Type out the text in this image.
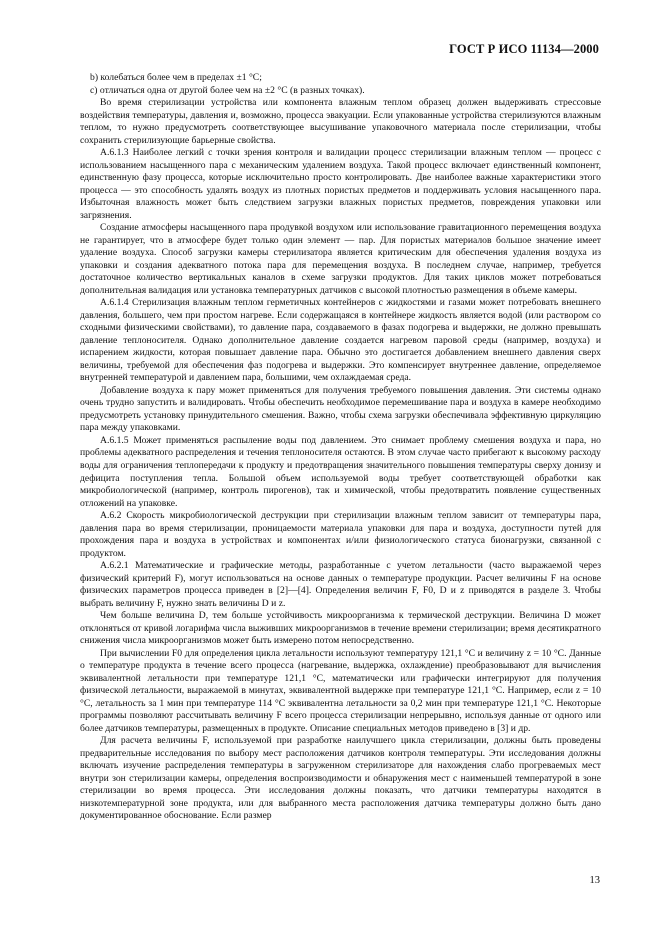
ГОСТ Р ИСО 11134—2000

b) колебаться более чем в пределах ±1 °С;

c) отличаться одна от другой более чем на ±2 °С (в разных точках).

Во время стерилизации устройства или компонента влажным теплом образец должен выдерживать стрессовые воздействия температуры, давления и, возможно, процесса эвакуации. Если упакованные устройства стерилизуются влажным теплом, то нужно предусмотреть соответствующее высушивание упаковочного материала после стерилизации, чтобы сохранить стерилизующие барьерные свойства.

А.6.1.3 Наиболее легкий с точки зрения контроля и валидации процесс стерилизации влажным теплом — процесс с использованием насыщенного пара с механическим удалением воздуха. Такой процесс включает единственный компонент, единственную фазу процесса, которые исключительно просто контролировать. Две наиболее важные характеристики этого процесса — это способность удалять воздух из плотных пористых предметов и поддерживать условия насыщенного пара. Избыточная влажность может быть следствием загрузки влажных пористых предметов, повреждения упаковки или загрязнения.

Создание атмосферы насыщенного пара продувкой воздухом или использование гравитационного перемещения воздуха не гарантирует, что в атмосфере будет только один элемент — пар. Для пористых материалов большое значение имеет удаление воздуха. Способ загрузки камеры стерилизатора является критическим для обеспечения удаления воздуха из упаковки и создания адекватного потока пара для перемещения воздуха. В последнем случае, например, требуется достаточное количество вертикальных каналов в схеме загрузки продуктов. Для таких циклов может потребоваться дополнительная валидация или установка температурных датчиков с высокой плотностью размещения в объеме камеры.

А.6.1.4 Стерилизация влажным теплом герметичных контейнеров с жидкостями и газами может потребовать внешнего давления, большего, чем при простом нагреве. Если содержащаяся в контейнере жидкость является водой (или раствором со сходными физическими свойствами), то давление пара, создаваемого в фазах подогрева и выдержки, не должно превышать давление теплоносителя. Однако дополнительное давление создается нагревом паровой среды (например, воздуха) и испарением жидкости, которая повышает давление пара. Обычно это достигается добавлением внешнего давления сверх величины, требуемой для обеспечения фаз подогрева и выдержки. Это компенсирует внутреннее давление, определяемое внутренней температурой и давлением пара, большими, чем охлаждаемая среда.

Добавление воздуха к пару может применяться для получения требуемого повышения давления. Эти системы однако очень трудно запустить и валидировать. Чтобы обеспечить необходимое перемешивание пара и воздуха в камере необходимо предусмотреть установку принудительного смешения. Важно, чтобы схема загрузки обеспечивала эффективную циркуляцию пара между упаковками.

А.6.1.5 Может применяться распыление воды под давлением. Это снимает проблему смешения воздуха и пара, но проблемы адекватного распределения и течения теплоносителя остаются. В этом случае часто прибегают к высокому расходу воды для ограничения теплопередачи к продукту и предотвращения значительного повышения температуры сверху донизу и дефицита поступления тепла. Большой объем используемой воды требует соответствующей обработки как микробиологической (например, контроль пирогенов), так и химической, чтобы предотвратить появление существенных отложений на упаковке.

А.6.2 Скорость микробиологической деструкции при стерилизации влажным теплом зависит от температуры пара, давления пара во время стерилизации, проницаемости материала упаковки для пара и воздуха, доступности путей для прохождения пара и воздуха в устройствах и компонентах и/или физиологического статуса бионагрузки, связанной с продуктом.

А.6.2.1 Математические и графические методы, разработанные с учетом летальности (часто выражаемой через физический критерий F), могут использоваться на основе данных о температуре продукции. Расчет величины F на основе физических параметров процесса приведен в [2]—[4]. Определения величин F, F0, D и z приводятся в разделе 3. Чтобы выбрать величину F, нужно знать величины D и z.

Чем больше величина D, тем больше устойчивость микроорганизма к термической деструкции. Величина D может отклоняться от кривой логарифма числа выживших микроорганизмов в течение времени стерилизации; время десятикратного снижения числа микроорганизмов может быть измерено потом непосредственно.

При вычислении F0 для определения цикла летальности используют температуру 121,1 °С и величину z = 10 °С. Данные о температуре продукта в течение всего процесса (нагревание, выдержка, охлаждение) преобразовывают для вычисления эквивалентной летальности при температуре 121,1 °С, математически или графически интегрируют для получения физической летальности, выражаемой в минутах, эквивалентной выдержке при температуре 121,1 °С. Например, если z = 10 °С, летальность за 1 мин при температуре 114 °С эквивалентна летальности за 0,2 мин при температуре 121,1 °С. Некоторые программы позволяют рассчитывать величину F всего процесса стерилизации непрерывно, используя данные от одного или более датчиков температуры, размещенных в продукте. Описание специальных методов приведено в [3] и др.

Для расчета величины F, используемой при разработке наилучшего цикла стерилизации, должны быть проведены предварительные исследования по выбору мест расположения датчиков контроля температуры. Эти исследования должны включать изучение распределения температуры в загруженном стерилизаторе для нахождения слабо прогреваемых мест внутри зон стерилизации камеры, определения воспроизводимости и обнаружения мест с наименьшей температурой в зоне стерилизации во время процесса. Эти исследования должны показать, что датчики температуры находятся в низкотемпературной зоне продукта, или для выбранного места расположения датчика температуры должно быть дано документированное обоснование. Если размер

13
